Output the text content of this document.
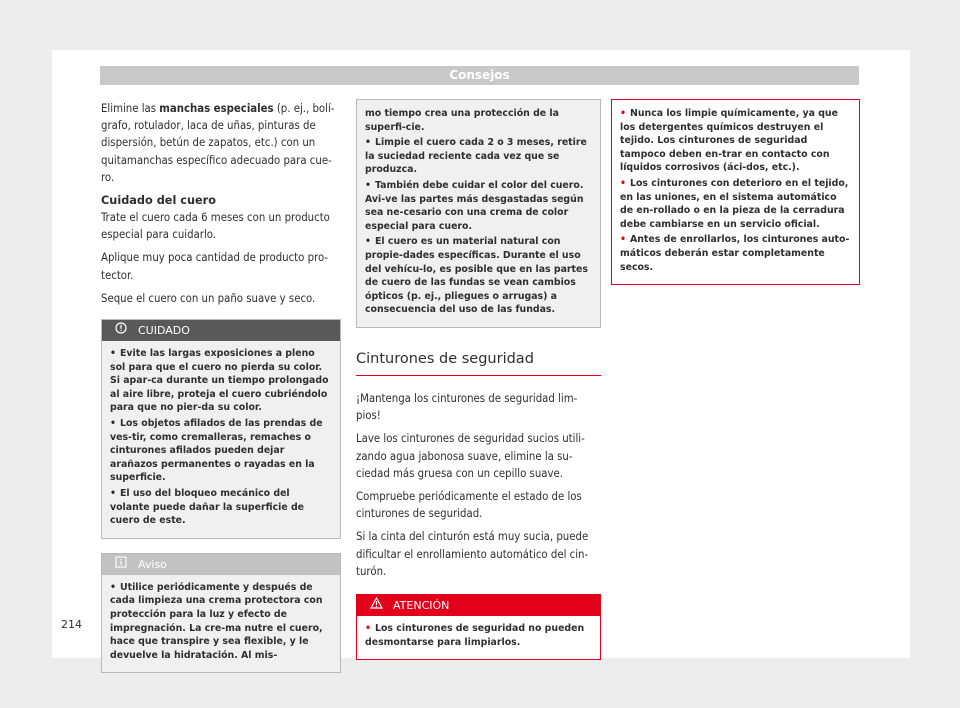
Consejos

Elimine las manchas especiales (p. ej., bolí-grafo, rotulador, laca de uñas, pinturas de dispersión, betún de zapatos, etc.) con un quitamanchas específico adecuado para cue-ro.

Cuidado del cuero

Trate el cuero cada 6 meses con un producto especial para cuidarlo.

Aplique muy poca cantidad de producto pro-tector.

Seque el cuero con un paño suave y seco.

CUIDADO

• Evite las largas exposiciones a pleno sol para que el cuero no pierda su color. Si apar-ca durante un tiempo prolongado al aire libre, proteja el cuero cubriéndolo para que no pier-da su color.

• Los objetos afilados de las prendas de ves-tir, como cremalleras, remaches o cinturones afilados pueden dejar arañazos permanentes o rayadas en la superficie.

• El uso del bloqueo mecánico del volante puede dañar la superficie de cuero de este.

Aviso

• Utilice periódicamente y después de cada limpieza una crema protectora con protección para la luz y efecto de impregnación. La cre-ma nutre el cuero, hace que transpire y sea flexible, y le devuelve la hidratación. Al mis-

mo tiempo crea una protección de la superfi-cie.

• Limpie el cuero cada 2 o 3 meses, retire la suciedad reciente cada vez que se produzca.

• También debe cuidar el color del cuero. Avi-ve las partes más desgastadas según sea ne-cesario con una crema de color especial para cuero.

• El cuero es un material natural con propie-dades específicas. Durante el uso del vehícu-lo, es posible que en las partes de cuero de las fundas se vean cambios ópticos (p. ej., pliegues o arrugas) a consecuencia del uso de las fundas.

Cinturones de seguridad

¡Mantenga los cinturones de seguridad lim-pios!

Lave los cinturones de seguridad sucios utili-zando agua jabonosa suave, elimine la su-ciedad más gruesa con un cepillo suave.

Compruebe periódicamente el estado de los cinturones de seguridad.

Si la cinta del cinturón está muy sucia, puede dificultar el enrollamiento automático del cin-turón.

ATENCIÓN

• Los cinturones de seguridad no pueden desmontarse para limpiarlos.

• Nunca los limpie químicamente, ya que los detergentes químicos destruyen el tejido. Los cinturones de seguridad tampoco deben en-trar en contacto con líquidos corrosivos (áci-dos, etc.).

• Los cinturones con deterioro en el tejido, en las uniones, en el sistema automático de en-rollado o en la pieza de la cerradura debe cambiarse en un servicio oficial.

• Antes de enrollarlos, los cinturones auto-máticos deberán estar completamente secos.

214
